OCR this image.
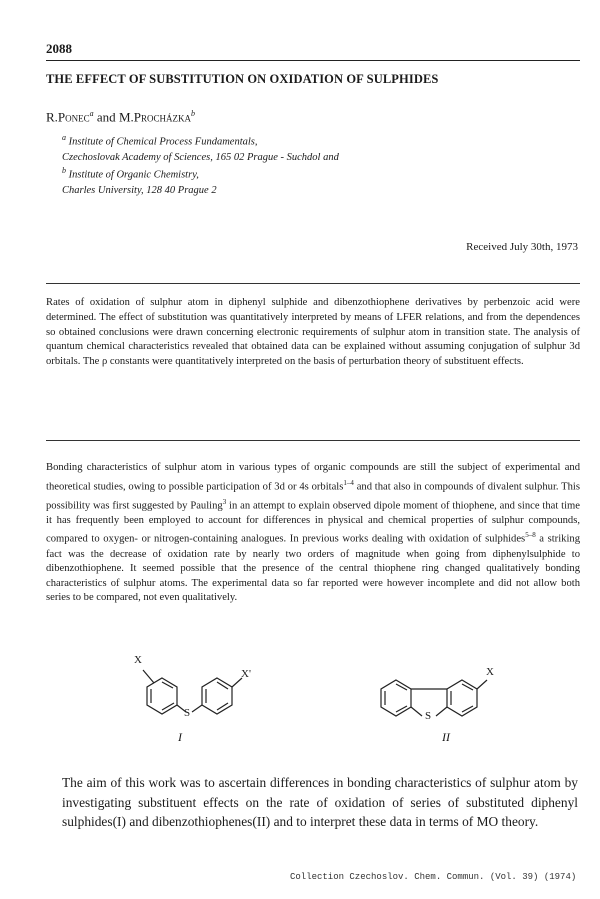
2088
THE EFFECT OF SUBSTITUTION ON OXIDATION OF SULPHIDES
R.Ponec$^a$ and M.Procházka$^b$
$^a$ Institute of Chemical Process Fundamentals,
Czechoslovak Academy of Sciences, 165 02 Prague - Suchdol and
$^b$ Institute of Organic Chemistry,
Charles University, 128 40 Prague 2
Received July 30th, 1973

Rates of oxidation of sulphur atom in diphenyl sulphide and dibenzothiophene derivatives by perbenzoic acid were determined. The effect of substitution was quantitatively interpreted by means of LFER relations, and from the dependences so obtained conclusions were drawn concerning electronic requirements of sulphur atom in transition state. The analysis of quantum chemical characteristics revealed that obtained data can be explained without assuming conjugation of sulphur 3d orbitals. The ρ constants were quantitatively interpreted on the basis of perturbation theory of substituent effects.

Bonding characteristics of sulphur atom in various types of organic compounds are still the subject of experimental and theoretical studies, owing to possible participation of 3d or 4s orbitals$^{1-4}$ and that also in compounds of divalent sulphur. This possibility was first suggested by Pauling$^3$ in an attempt to explain observed dipole moment of thiophene, and since that time it has frequently been employed to account for differences in physical and chemical properties of sulphur compounds, compared to oxygen- or nitrogen-containing analogues. In previous works dealing with oxidation of sulphides$^{5-8}$ a striking fact was the decrease of oxidation rate by nearly two orders of magnitude when going from diphenylsulphide to dibenzothiophene. It seemed possible that the presence of the central thiophene ring changed qualitatively bonding characteristics of sulphur atoms. The experimental data so far reported were however incomplete and did not allow both series to be compared, not even qualitatively.

X
X'
S
I
X
S
II

The aim of this work was to ascertain differences in bonding characteristics of sulphur atom by investigating substituent effects on the rate of oxidation of series of substituted diphenyl sulphides(I) and dibenzothiophenes(II) and to interpret these data in terms of MO theory.

Collection Czechoslov. Chem. Commun. (Vol. 39) (1974)
